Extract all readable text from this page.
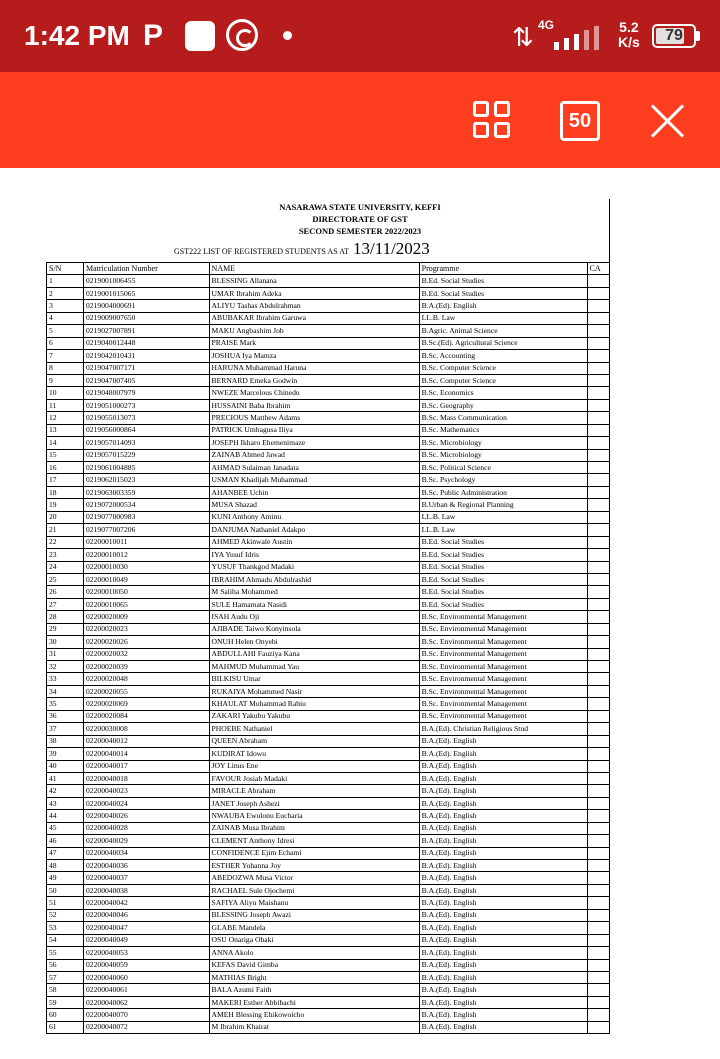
1:42 PM P	⇅ 4G	5.2
K/s	79
50
NASARAWA STATE UNIVERSITY, KEFFI
DIRECTORATE OF GST
SECOND SEMESTER 2022/2023
GST222 LIST OF REGISTERED STUDENTS AS AT 13/11/2023
S/N	Matriculation Number	NAME	Programme	CA
1	0219001006455	BLESSING Allanana	B.Ed. Social Studies	
2	0219001015065	UMAR Ibrahim Adeka	B.Ed. Social Studies	
3	0219004000691	ALIYU Tashas Abdulrahman	B.A.(Ed). English	
4	0219009007650	ABUBAKAR Ibrahim Garuwa	LL.B. Law	
5	0219027007891	MAKU Angbashim Job	B.Agric. Animal Science	
6	0219040012448	PRAISE Mark	B.Sc.(Ed). Agricultural Science	
7	0219042010431	JOSHUA Iya Mamza	B.Sc. Accounting	
8	0219047007171	HARUNA Muhammad Haruna	B.Sc. Computer Science	
9	0219047007405	BERNARD Emeka Godwin	B.Sc. Computer Science	
10	0219048007979	NWEZE Marcelous Chinedu	B.Sc. Economics	
11	0219051000273	HUSSAINI Baba Ibrahim	B.Sc. Geography	
12	0219055013073	PRECIOUS Matthew Adams	B.Sc. Mass Communication	
13	0219056000864	PATRICK Umbagusa Iliya	B.Sc. Mathematics	
14	0219057014093	JOSEPH Ikharo Ehemenimaze	B.Sc. Microbiology	
15	0219057015229	ZAINAB Ahmed Jawad	B.Sc. Microbiology	
16	0219061004885	AHMAD Sulaiman Janadata	B.Sc. Political Science	
17	0219062015023	USMAN Khadijah Muhammad	B.Sc. Psychology	
18	0219063003359	AHANBEE Uchin	B.Sc. Public Administration	
19	0219072000534	MUSA Shazad	B.Urban & Regional Planning	
20	0219077000983	KUNI Anthony Aminu	LL.B. Law	
21	0219077007206	DANJUMA Nathaniel Adakpo	LL.B. Law	
22	02200010011	AHMED Akinwale Austin	B.Ed. Social Studies	
23	02200010012	IYA Yusuf Idris	B.Ed. Social Studies	
24	02200010030	YUSUF Thankgod Madaki	B.Ed. Social Studies	
25	02200010049	IBRAHIM Ahmadu Abdulrashid	B.Ed. Social Studies	
26	02200010050	M Saliha Mohammed	B.Ed. Social Studies	
27	02200010065	SULE Hamamata Nasidi	B.Ed. Social Studies	
28	02200020009	ISAH Audu Oji	B.Sc. Environmental Management	
29	02200020023	AJIBADE Taiwo Konyinsola	B.Sc. Environmental Management	
30	02200020026	ONUH Helen Onyebi	B.Sc. Environmental Management	
31	02200020032	ABDULLAHI Fauziya Kana	B.Sc. Environmental Management	
32	02200020039	MAHMUD Muhammad Yau	B.Sc. Environmental Management	
33	02200020048	BILKISU Umar	B.Sc. Environmental Management	
34	02200020055	RUKAIYA Mohammed Nasir	B.Sc. Environmental Management	
35	02200020069	KHAULAT Muhammad Rabiu	B.Sc. Environmental Management	
36	02200020084	ZAKARI Yakubu Yakubu	B.Sc. Environmental Management	
37	02200030008	PHOEBE Nathaniel	B.A.(Ed). Christian Religious Stud	
38	02200040012	QUEEN Abraham	B.A.(Ed). English	
39	02200040014	KUDIRAT Idowu	B.A.(Ed). English	
40	02200040017	JOY Linus Ene	B.A.(Ed). English	
41	02200040018	FAVOUR Josiah Madaki	B.A.(Ed). English	
42	02200040023	MIRACLE Abraham	B.A.(Ed). English	
43	02200040024	JANET Joseph Ashezi	B.A.(Ed). English	
44	02200040026	NWAUBA Ewulonu Eucharia	B.A.(Ed). English	
45	02200040028	ZAINAB Musa Ibrahim	B.A.(Ed). English	
46	02200040029	CLEMENT Anthony Idresi	B.A.(Ed). English	
47	02200040034	CONFIDENCE Ejim Echami	B.A.(Ed). English	
48	02200040036	ESTHER Yohanna Joy	B.A.(Ed). English	
49	02200040037	ABEDOZWA Musa Victor	B.A.(Ed). English	
50	02200040038	RACHAEL Sule Ojochemi	B.A.(Ed). English	
51	02200040042	SAFIYA Aliyu Maishanu	B.A.(Ed). English	
52	02200040046	BLESSING Joseph Awazi	B.A.(Ed). English	
53	02200040047	GLABE Mandela	B.A.(Ed). English	
54	02200040049	OSU Onariga Obaki	B.A.(Ed). English	
55	02200040053	ANNA Akolo	B.A.(Ed). English	
56	02200040059	KEFAS David Gimba	B.A.(Ed). English	
57	02200040060	MATHIAS Bright	B.A.(Ed). English	
58	02200040061	BALA Azumi Faith	B.A.(Ed). English	
59	02200040062	MAKERI Esther Abbibachi	B.A.(Ed). English	
60	02200040070	AMEH Blessing Ehikowoicho	B.A.(Ed). English	
61	02200040072	M Ibrahim Khairat	B.A.(Ed). English	
